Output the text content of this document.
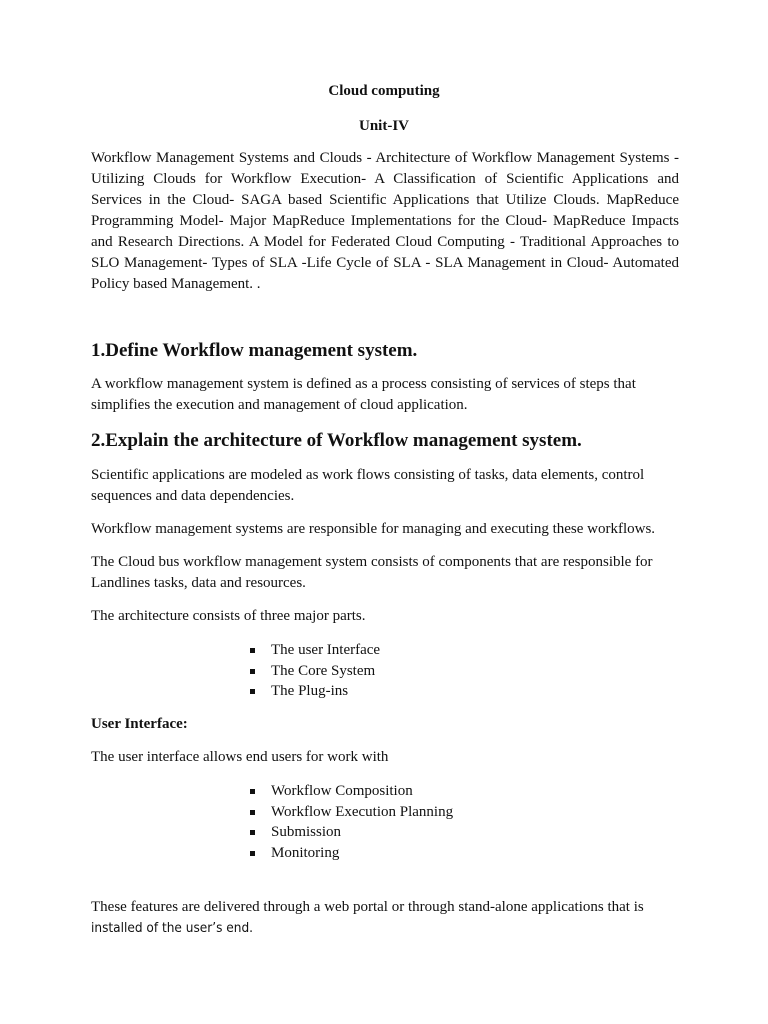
Cloud computing
Unit-IV

Workflow Management Systems and Clouds - Architecture of Workflow Management Systems - Utilizing Clouds for Workflow Execution- A Classification of Scientific Applications and Services in the Cloud- SAGA based Scientific Applications that Utilize Clouds. MapReduce Programming Model- Major MapReduce Implementations for the Cloud- MapReduce Impacts and Research Directions. A Model for Federated Cloud Computing - Traditional Approaches to SLO Management- Types of SLA -Life Cycle of SLA - SLA Management in Cloud- Automated Policy based Management. .

1.Define Workflow management system.

A workflow management system is defined as a process consisting of services of steps that simplifies the execution and management of cloud application.

2.Explain the architecture of Workflow management system.

Scientific applications are modeled as work flows consisting of tasks, data elements, control sequences and data dependencies.

Workflow management systems are responsible for managing and executing these workflows.

The Cloud bus workflow management system consists of components that are responsible for Landlines tasks, data and resources.

The architecture consists of three major parts.

The user Interface
The Core System
The Plug-ins

User Interface:

The user interface allows end users for work with

Workflow Composition
Workflow Execution Planning
Submission
Monitoring

These features are delivered through a web portal or through stand-alone applications that is
installed of the user’s end.
